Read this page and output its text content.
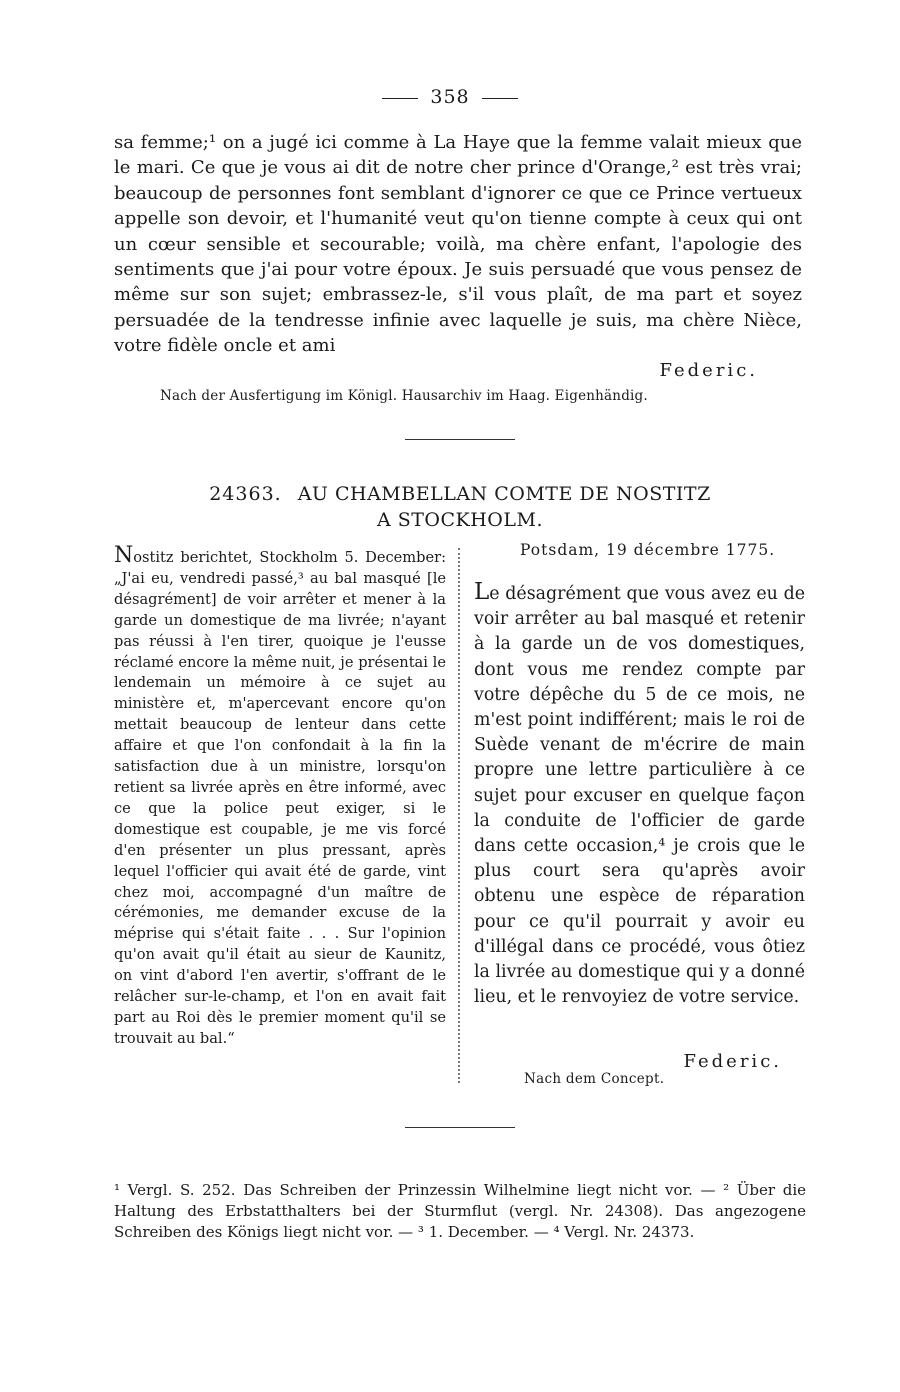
358
sa femme;¹ on a jugé ici comme à La Haye que la femme valait mieux que le mari. Ce que je vous ai dit de notre cher prince d'Orange,² est très vrai; beaucoup de personnes font semblant d'ignorer ce que ce Prince vertueux appelle son devoir, et l'humanité veut qu'on tienne compte à ceux qui ont un cœur sensible et secourable; voilà, ma chère enfant, l'apologie des sentiments que j'ai pour votre époux. Je suis persuadé que vous pensez de même sur son sujet; embrassez-le, s'il vous plaît, de ma part et soyez persuadée de la tendresse infinie avec laquelle je suis, ma chère Nièce, votre fidèle oncle et ami
Federic.
Nach der Ausfertigung im Königl. Hausarchiv im Haag. Eigenhändig.
24363. AU CHAMBELLAN COMTE DE NOSTITZ
A STOCKHOLM.
Nostitz berichtet, Stockholm 5. December: „J'ai eu, vendredi passé,³ au bal masqué [le désagrément] de voir arrêter et mener à la garde un domestique de ma livrée; n'ayant pas réussi à l'en tirer, quoique je l'eusse réclamé encore la même nuit, je présentai le lendemain un mémoire à ce sujet au ministère et, m'apercevant encore qu'on mettait beaucoup de lenteur dans cette affaire et que l'on confondait à la fin la satisfaction due à un ministre, lorsqu'on retient sa livrée après en être informé, avec ce que la police peut exiger, si le domestique est coupable, je me vis forcé d'en présenter un plus pressant, après lequel l'officier qui avait été de garde, vint chez moi, accompagné d'un maître de cérémonies, me demander excuse de la méprise qui s'était faite . . . Sur l'opinion qu'on avait qu'il était au sieur de Kaunitz, on vint d'abord l'en avertir, s'offrant de le relâcher sur-le-champ, et l'on en avait fait part au Roi dès le premier moment qu'il se trouvait au bal.“
Potsdam, 19 décembre 1775.
Le désagrément que vous avez eu de voir arrêter au bal masqué et retenir à la garde un de vos domestiques, dont vous me rendez compte par votre dépêche du 5 de ce mois, ne m'est point indifférent; mais le roi de Suède venant de m'écrire de main propre une lettre particulière à ce sujet pour excuser en quelque façon la conduite de l'officier de garde dans cette occasion,⁴ je crois que le plus court sera qu'après avoir obtenu une espèce de réparation pour ce qu'il pourrait y avoir eu d'illégal dans ce procédé, vous ôtiez la livrée au domestique qui y a donné lieu, et le renvoyiez de votre service.
Federic.
Nach dem Concept.
¹ Vergl. S. 252. Das Schreiben der Prinzessin Wilhelmine liegt nicht vor. — ² Über die Haltung des Erbstatthalters bei der Sturmflut (vergl. Nr. 24308). Das angezogene Schreiben des Königs liegt nicht vor. — ³ 1. December. — ⁴ Vergl. Nr. 24373.
